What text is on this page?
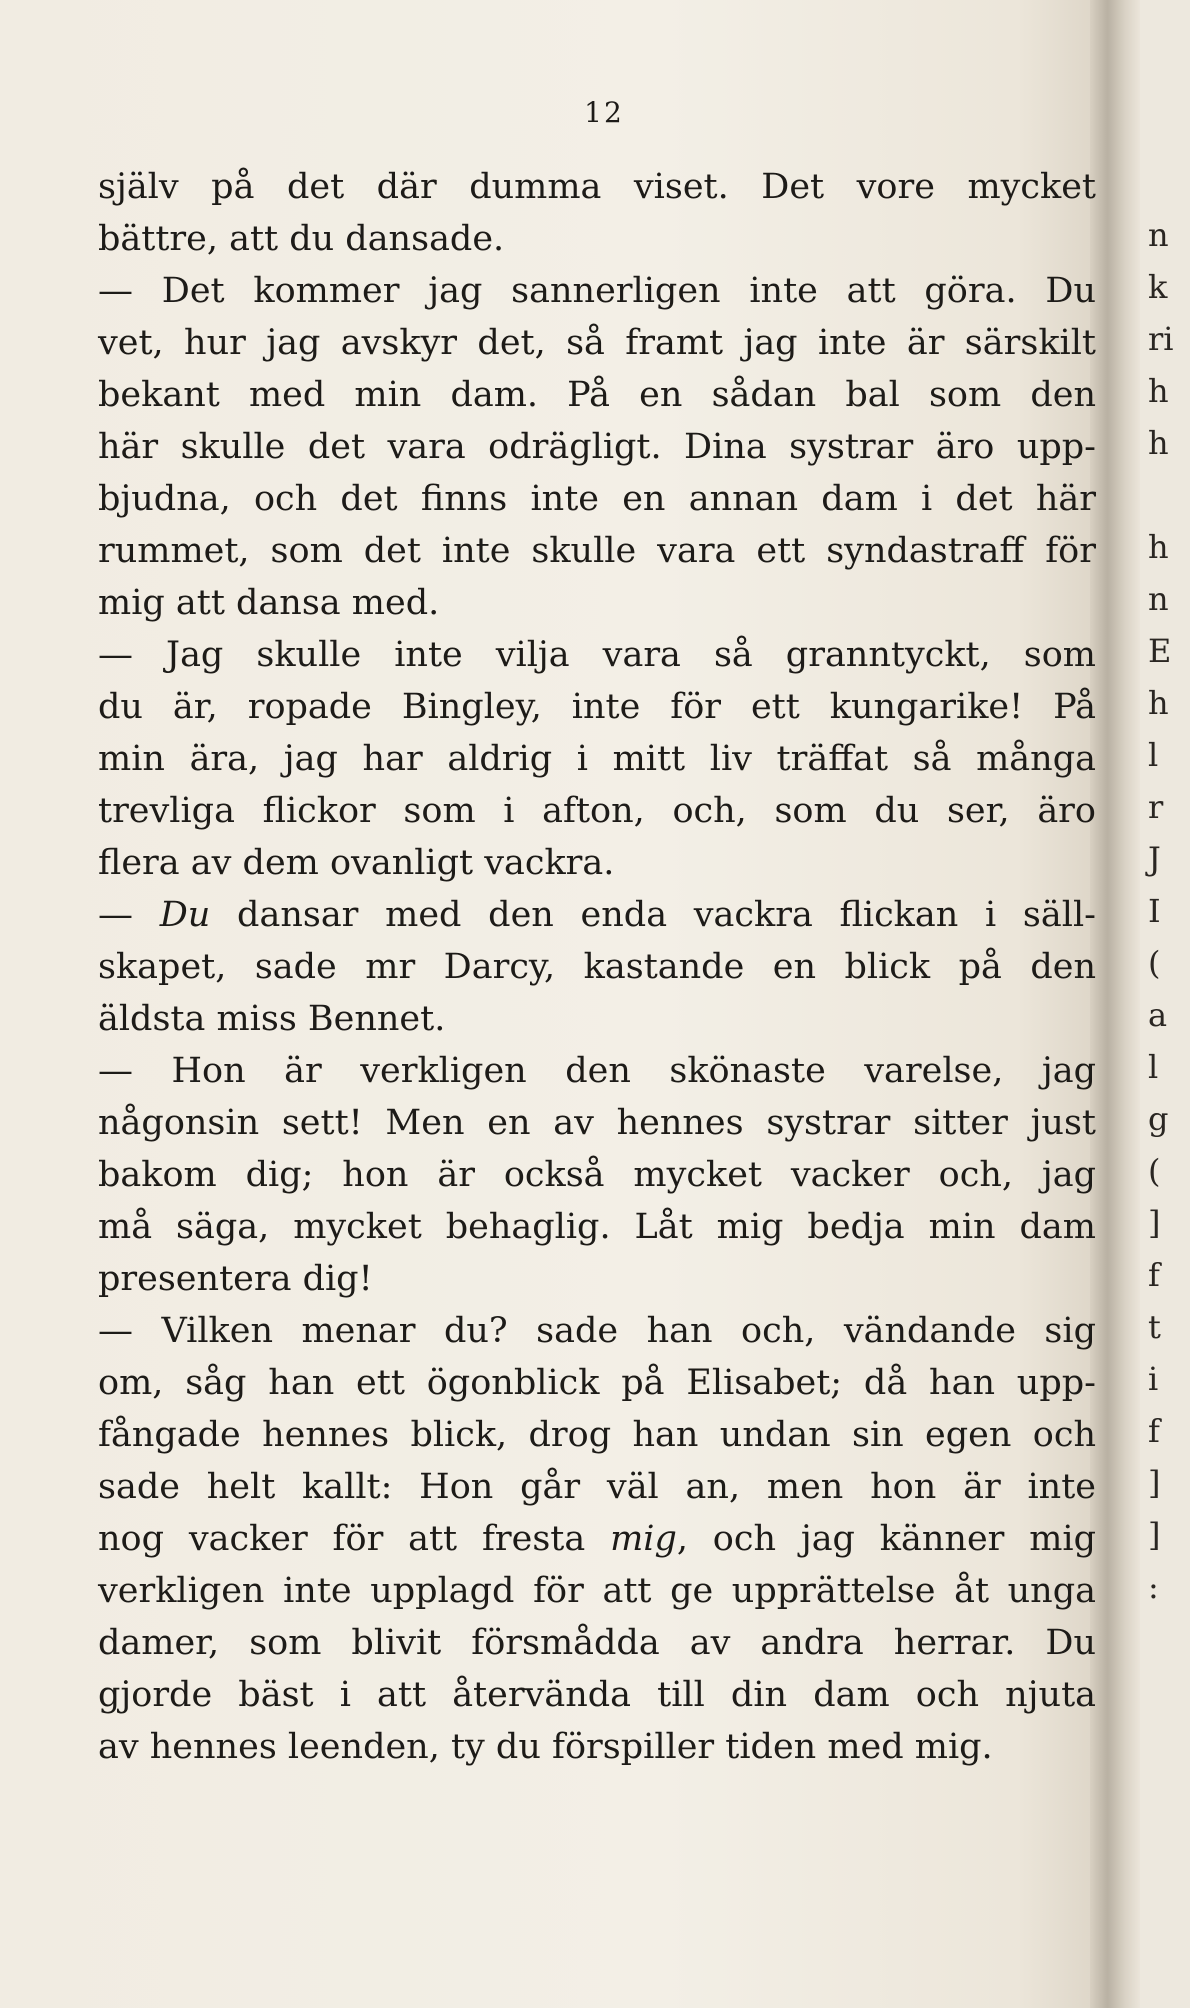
n
k
ri
h
h
h
n
E
h
l
r
J
I
(
a
l
g
(
]
f
t
i
f
]
]
:
12
själv på det där dumma viset. Det vore mycket
bättre, att du dansade.
— Det kommer jag sannerligen inte att göra. Du
vet, hur jag avskyr det, så framt jag inte är särskilt
bekant med min dam. På en sådan bal som den
här skulle det vara odrägligt. Dina systrar äro upp-
bjudna, och det finns inte en annan dam i det här
rummet, som det inte skulle vara ett syndastraff för
mig att dansa med.
— Jag skulle inte vilja vara så granntyckt, som
du är, ropade Bingley, inte för ett kungarike! På
min ära, jag har aldrig i mitt liv träffat så många
trevliga flickor som i afton, och, som du ser, äro
flera av dem ovanligt vackra.
— Du dansar med den enda vackra flickan i säll-
skapet, sade mr Darcy, kastande en blick på den
äldsta miss Bennet.
— Hon är verkligen den skönaste varelse, jag
någonsin sett! Men en av hennes systrar sitter just
bakom dig; hon är också mycket vacker och, jag
må säga, mycket behaglig. Låt mig bedja min dam
presentera dig!
— Vilken menar du? sade han och, vändande sig
om, såg han ett ögonblick på Elisabet; då han upp-
fångade hennes blick, drog han undan sin egen och
sade helt kallt: Hon går väl an, men hon är inte
nog vacker för att fresta mig, och jag känner mig
verkligen inte upplagd för att ge upprättelse åt unga
damer, som blivit försmådda av andra herrar. Du
gjorde bäst i att återvända till din dam och njuta
av hennes leenden, ty du förspiller tiden med mig.
